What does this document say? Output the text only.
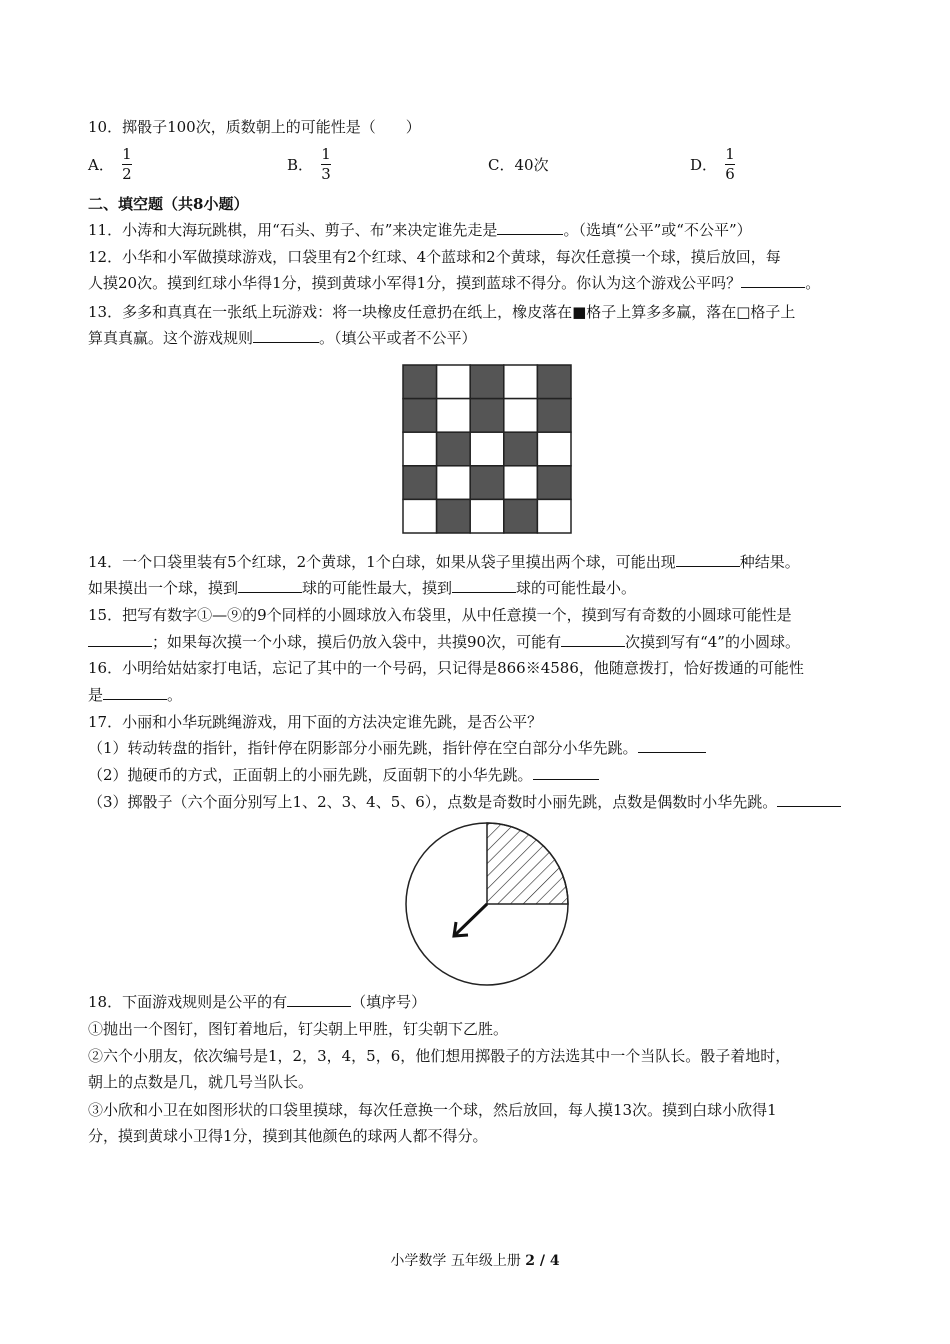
10．掷骰子100次，质数朝上的可能性是（　　）
A． $\frac{1}{2}$	B． $\frac{1}{3}$	C．40次	D． $\frac{1}{6}$
二、填空题（共8小题）
11．小涛和大海玩跳棋，用“石头、剪子、布”来决定谁先走是	。（选填“公平”或“不公平”）
12．小华和小军做摸球游戏，口袋里有2个红球、4个蓝球和2个黄球，每次任意摸一个球，摸后放回，每
人摸20次。摸到红球小华得1分，摸到黄球小军得1分，摸到蓝球不得分。你认为这个游戏公平吗？	。
13．多多和真真在一张纸上玩游戏：将一块橡皮任意扔在纸上，橡皮落在■格子上算多多赢，落在□格子上
算真真赢。这个游戏规则	。（填公平或者不公平）
14．一个口袋里装有5个红球，2个黄球，1个白球，如果从袋子里摸出两个球，可能出现	种结果。
如果摸出一个球，摸到	球的可能性最大，摸到	球的可能性最小。
15．把写有数字①—⑨的9个同样的小圆球放入布袋里，从中任意摸一个，摸到写有奇数的小圆球可能性是
；如果每次摸一个小球，摸后仍放入袋中，共摸90次，可能有	次摸到写有“4”的小圆球。
16．小明给姑姑家打电话，忘记了其中的一个号码，只记得是866※4586，他随意拨打，恰好拨通的可能性
是	。
17．小丽和小华玩跳绳游戏，用下面的方法决定谁先跳，是否公平？
（1）转动转盘的指针，指针停在阴影部分小丽先跳，指针停在空白部分小华先跳。
（2）抛硬币的方式，正面朝上的小丽先跳，反面朝下的小华先跳。
（3）掷骰子（六个面分别写上1、2、3、4、5、6），点数是奇数时小丽先跳，点数是偶数时小华先跳。
18．下面游戏规则是公平的有	（填序号）
①抛出一个图钉，图钉着地后，钉尖朝上甲胜，钉尖朝下乙胜。
②六个小朋友，依次编号是1，2，3，4，5，6，他们想用掷骰子的方法选其中一个当队长。骰子着地时，
朝上的点数是几，就几号当队长。
③小欣和小卫在如图形状的口袋里摸球，每次任意换一个球，然后放回，每人摸13次。摸到白球小欣得1
分，摸到黄球小卫得1分，摸到其他颜色的球两人都不得分。
小学数学 五年级上册 2 / 4
